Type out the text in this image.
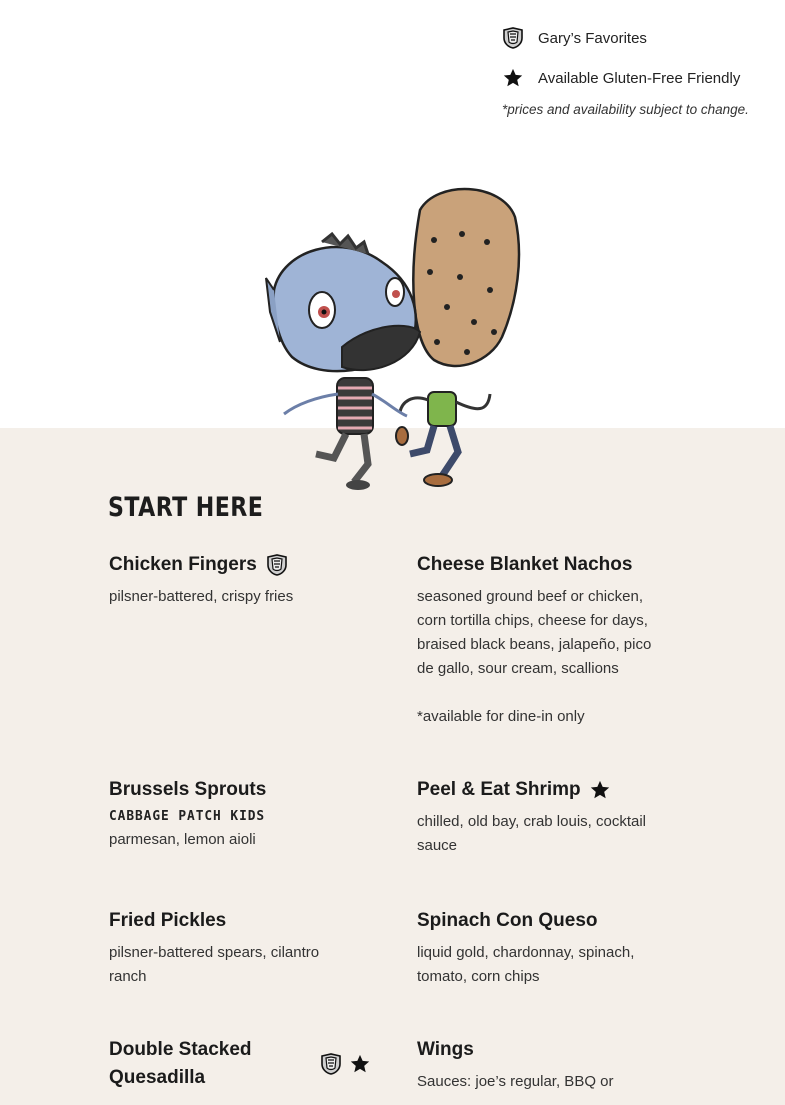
Gary’s Favorites
Available Gluten-Free Friendly
*prices and availability subject to change.
START HERE
Chicken Fingers
pilsner-battered, crispy fries
Cheese Blanket Nachos
seasoned ground beef or chicken, corn tortilla chips, cheese for days, braised black beans, jalapeño, pico de gallo, sour cream, scallions
*available for dine-in only
Brussels Sprouts
CABBAGE PATCH KIDS
parmesan, lemon aioli
Peel & Eat Shrimp
chilled, old bay, crab louis, cocktail sauce
Fried Pickles
pilsner-battered spears, cilantro ranch
Spinach Con Queso
liquid gold, chardonnay, spinach, tomato, corn chips
Double Stacked Quesadilla
Wings
Sauces: joe’s regular, BBQ or
